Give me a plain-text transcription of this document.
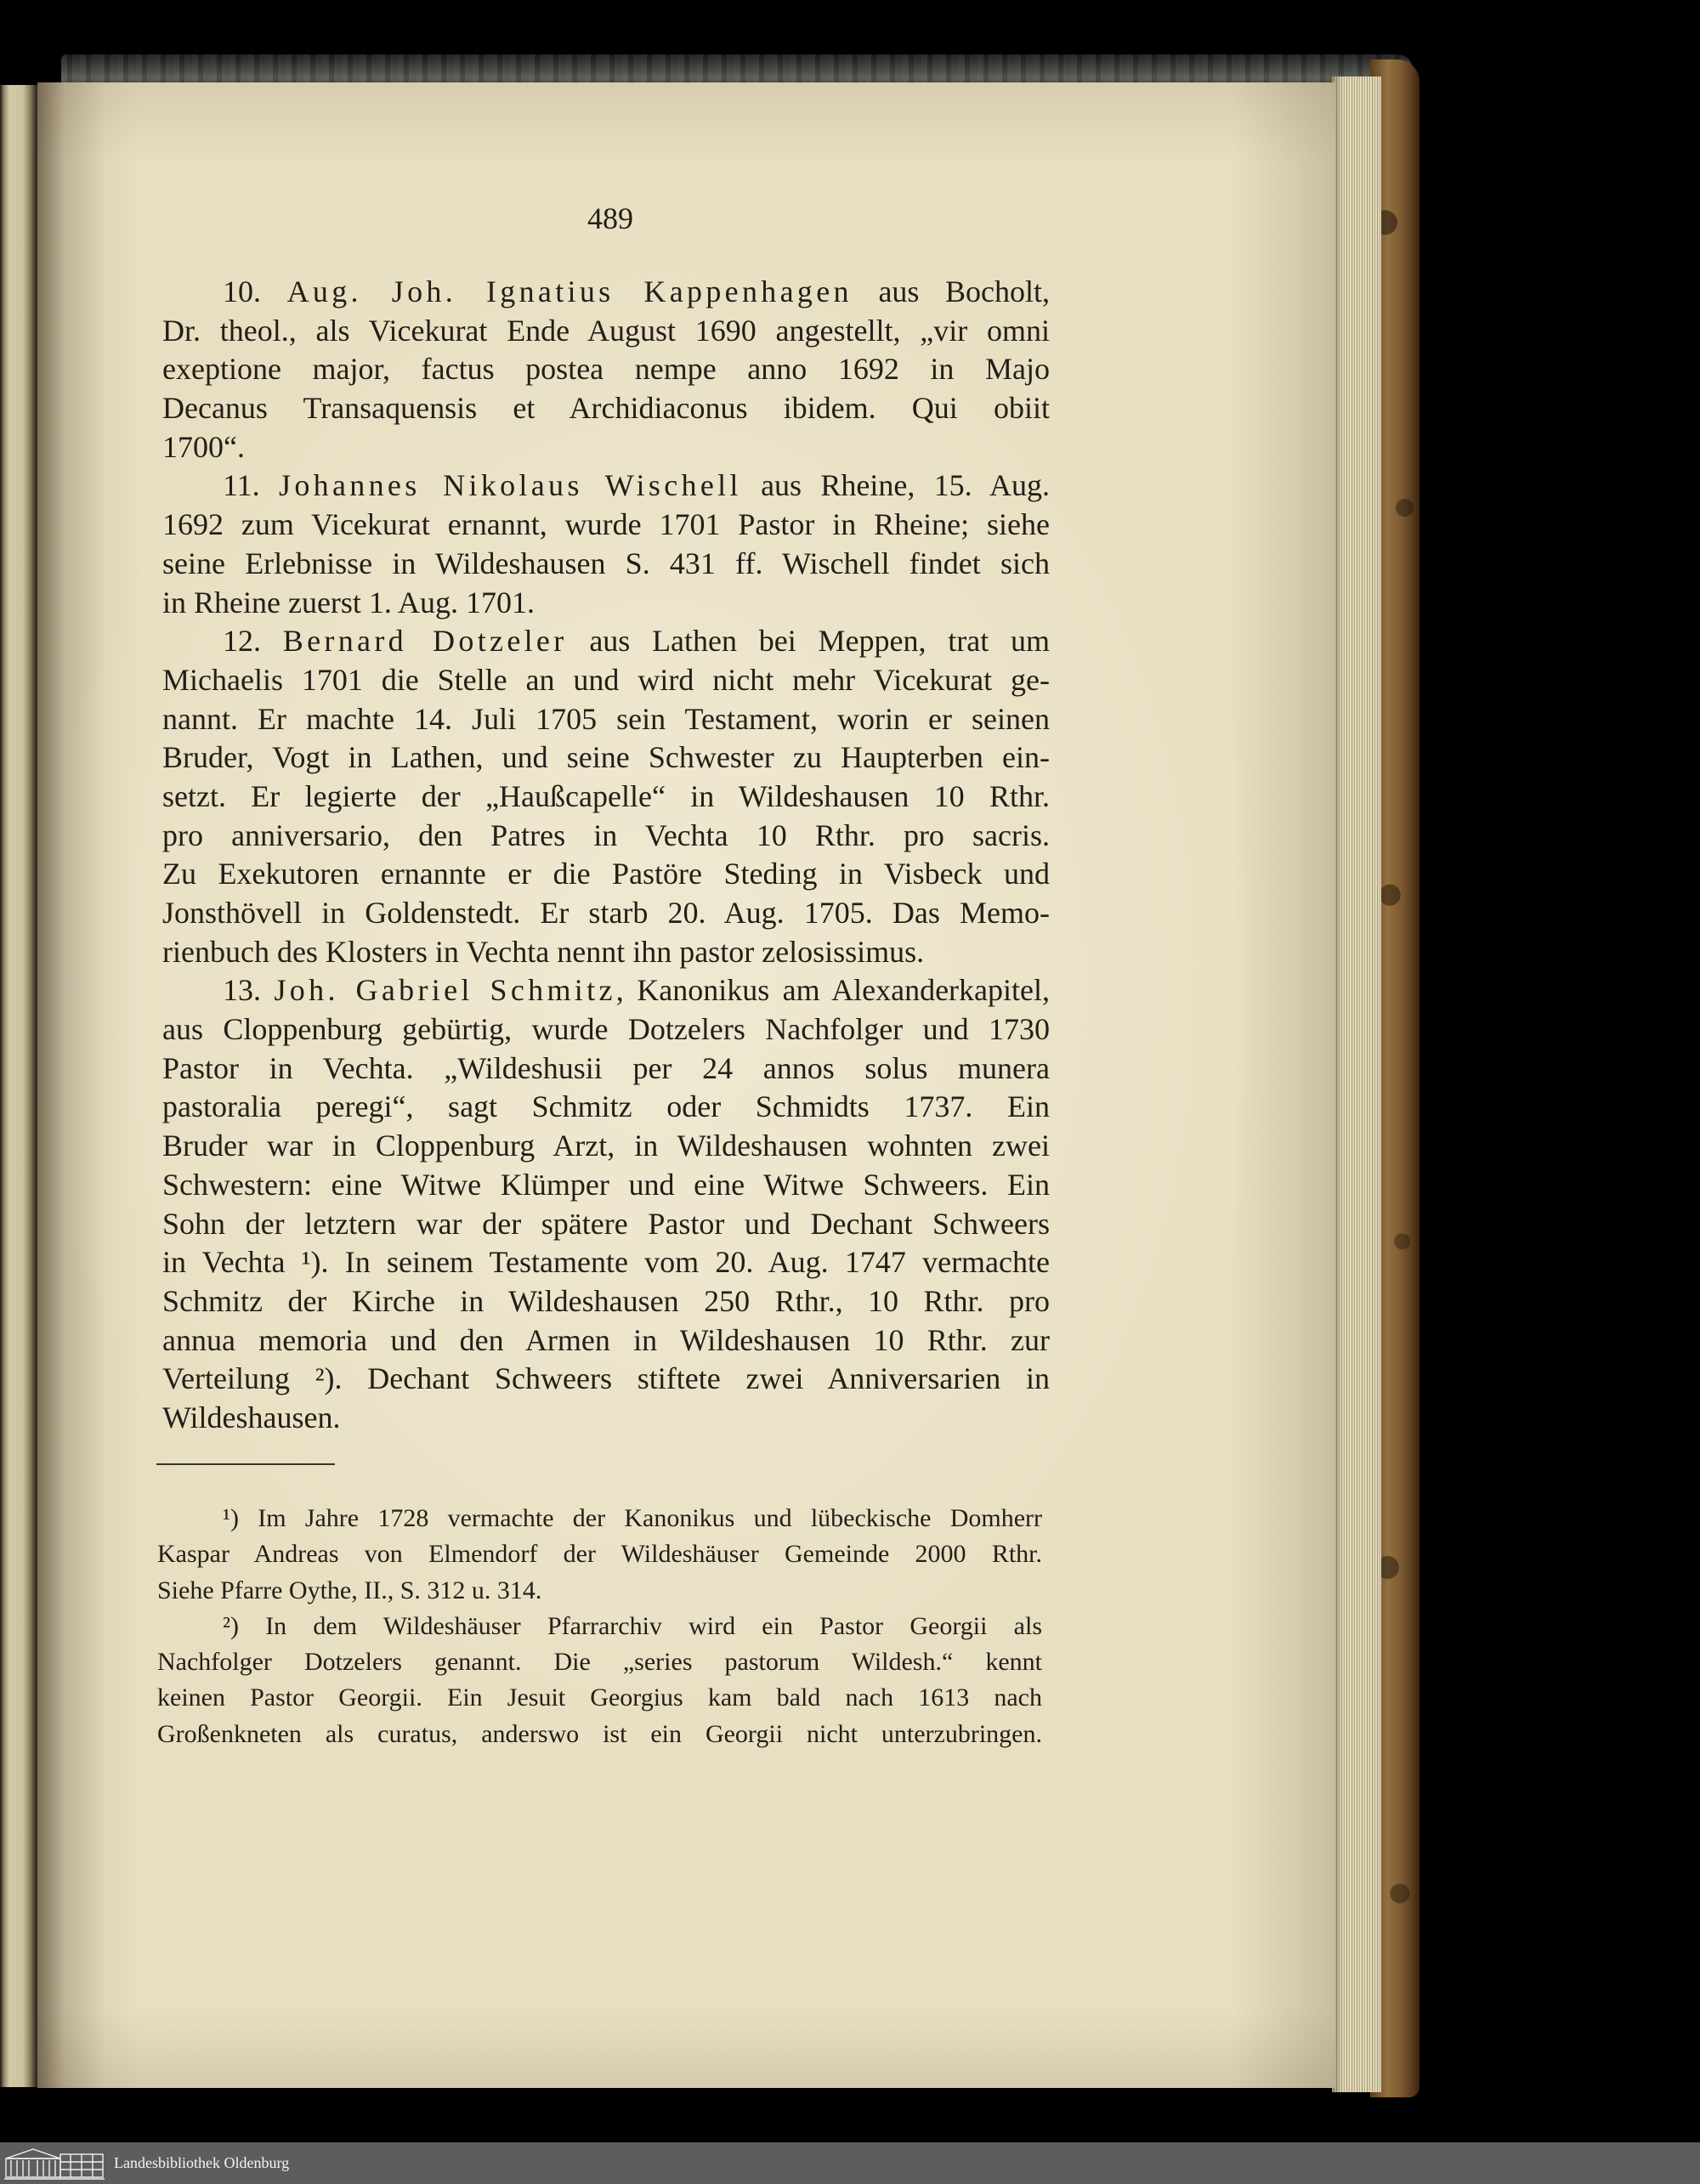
489
10. Aug. Joh. Ignatius Kappenhagen aus Bocholt,
Dr. theol., als Vicekurat Ende August 1690 angestellt, „vir omni
exeptione major, factus postea nempe anno 1692 in Majo
Decanus Transaquensis et Archidiaconus ibidem. Qui obiit
1700“.
11. Johannes Nikolaus Wischell aus Rheine, 15. Aug.
1692 zum Vicekurat ernannt, wurde 1701 Pastor in Rheine; siehe
seine Erlebnisse in Wildeshausen S. 431 ff. Wischell findet sich
in Rheine zuerst 1. Aug. 1701.
12. Bernard Dotzeler aus Lathen bei Meppen, trat um
Michaelis 1701 die Stelle an und wird nicht mehr Vicekurat ge-
nannt. Er machte 14. Juli 1705 sein Testament, worin er seinen
Bruder, Vogt in Lathen, und seine Schwester zu Haupterben ein-
setzt. Er legierte der „Haußcapelle“ in Wildeshausen 10 Rthr.
pro anniversario, den Patres in Vechta 10 Rthr. pro sacris.
Zu Exekutoren ernannte er die Pastöre Steding in Visbeck und
Jonsthövell in Goldenstedt. Er starb 20. Aug. 1705. Das Memo-
rienbuch des Klosters in Vechta nennt ihn pastor zelosissimus.
13. Joh. Gabriel Schmitz, Kanonikus am Alexanderkapitel,
aus Cloppenburg gebürtig, wurde Dotzelers Nachfolger und 1730
Pastor in Vechta. „Wildeshusii per 24 annos solus munera
pastoralia peregi“, sagt Schmitz oder Schmidts 1737. Ein
Bruder war in Cloppenburg Arzt, in Wildeshausen wohnten zwei
Schwestern: eine Witwe Klümper und eine Witwe Schweers. Ein
Sohn der letztern war der spätere Pastor und Dechant Schweers
in Vechta ¹). In seinem Testamente vom 20. Aug. 1747 vermachte
Schmitz der Kirche in Wildeshausen 250 Rthr., 10 Rthr. pro
annua memoria und den Armen in Wildeshausen 10 Rthr. zur
Verteilung ²). Dechant Schweers stiftete zwei Anniversarien in
Wildeshausen.
¹) Im Jahre 1728 vermachte der Kanonikus und lübeckische Domherr
Kaspar Andreas von Elmendorf der Wildeshäuser Gemeinde 2000 Rthr.
Siehe Pfarre Oythe, II., S. 312 u. 314.
²) In dem Wildeshäuser Pfarrarchiv wird ein Pastor Georgii als
Nachfolger Dotzelers genannt. Die „series pastorum Wildesh.“ kennt
keinen Pastor Georgii. Ein Jesuit Georgius kam bald nach 1613 nach
Großenkneten als curatus, anderswo ist ein Georgii nicht unterzubringen.
Landesbibliothek Oldenburg
